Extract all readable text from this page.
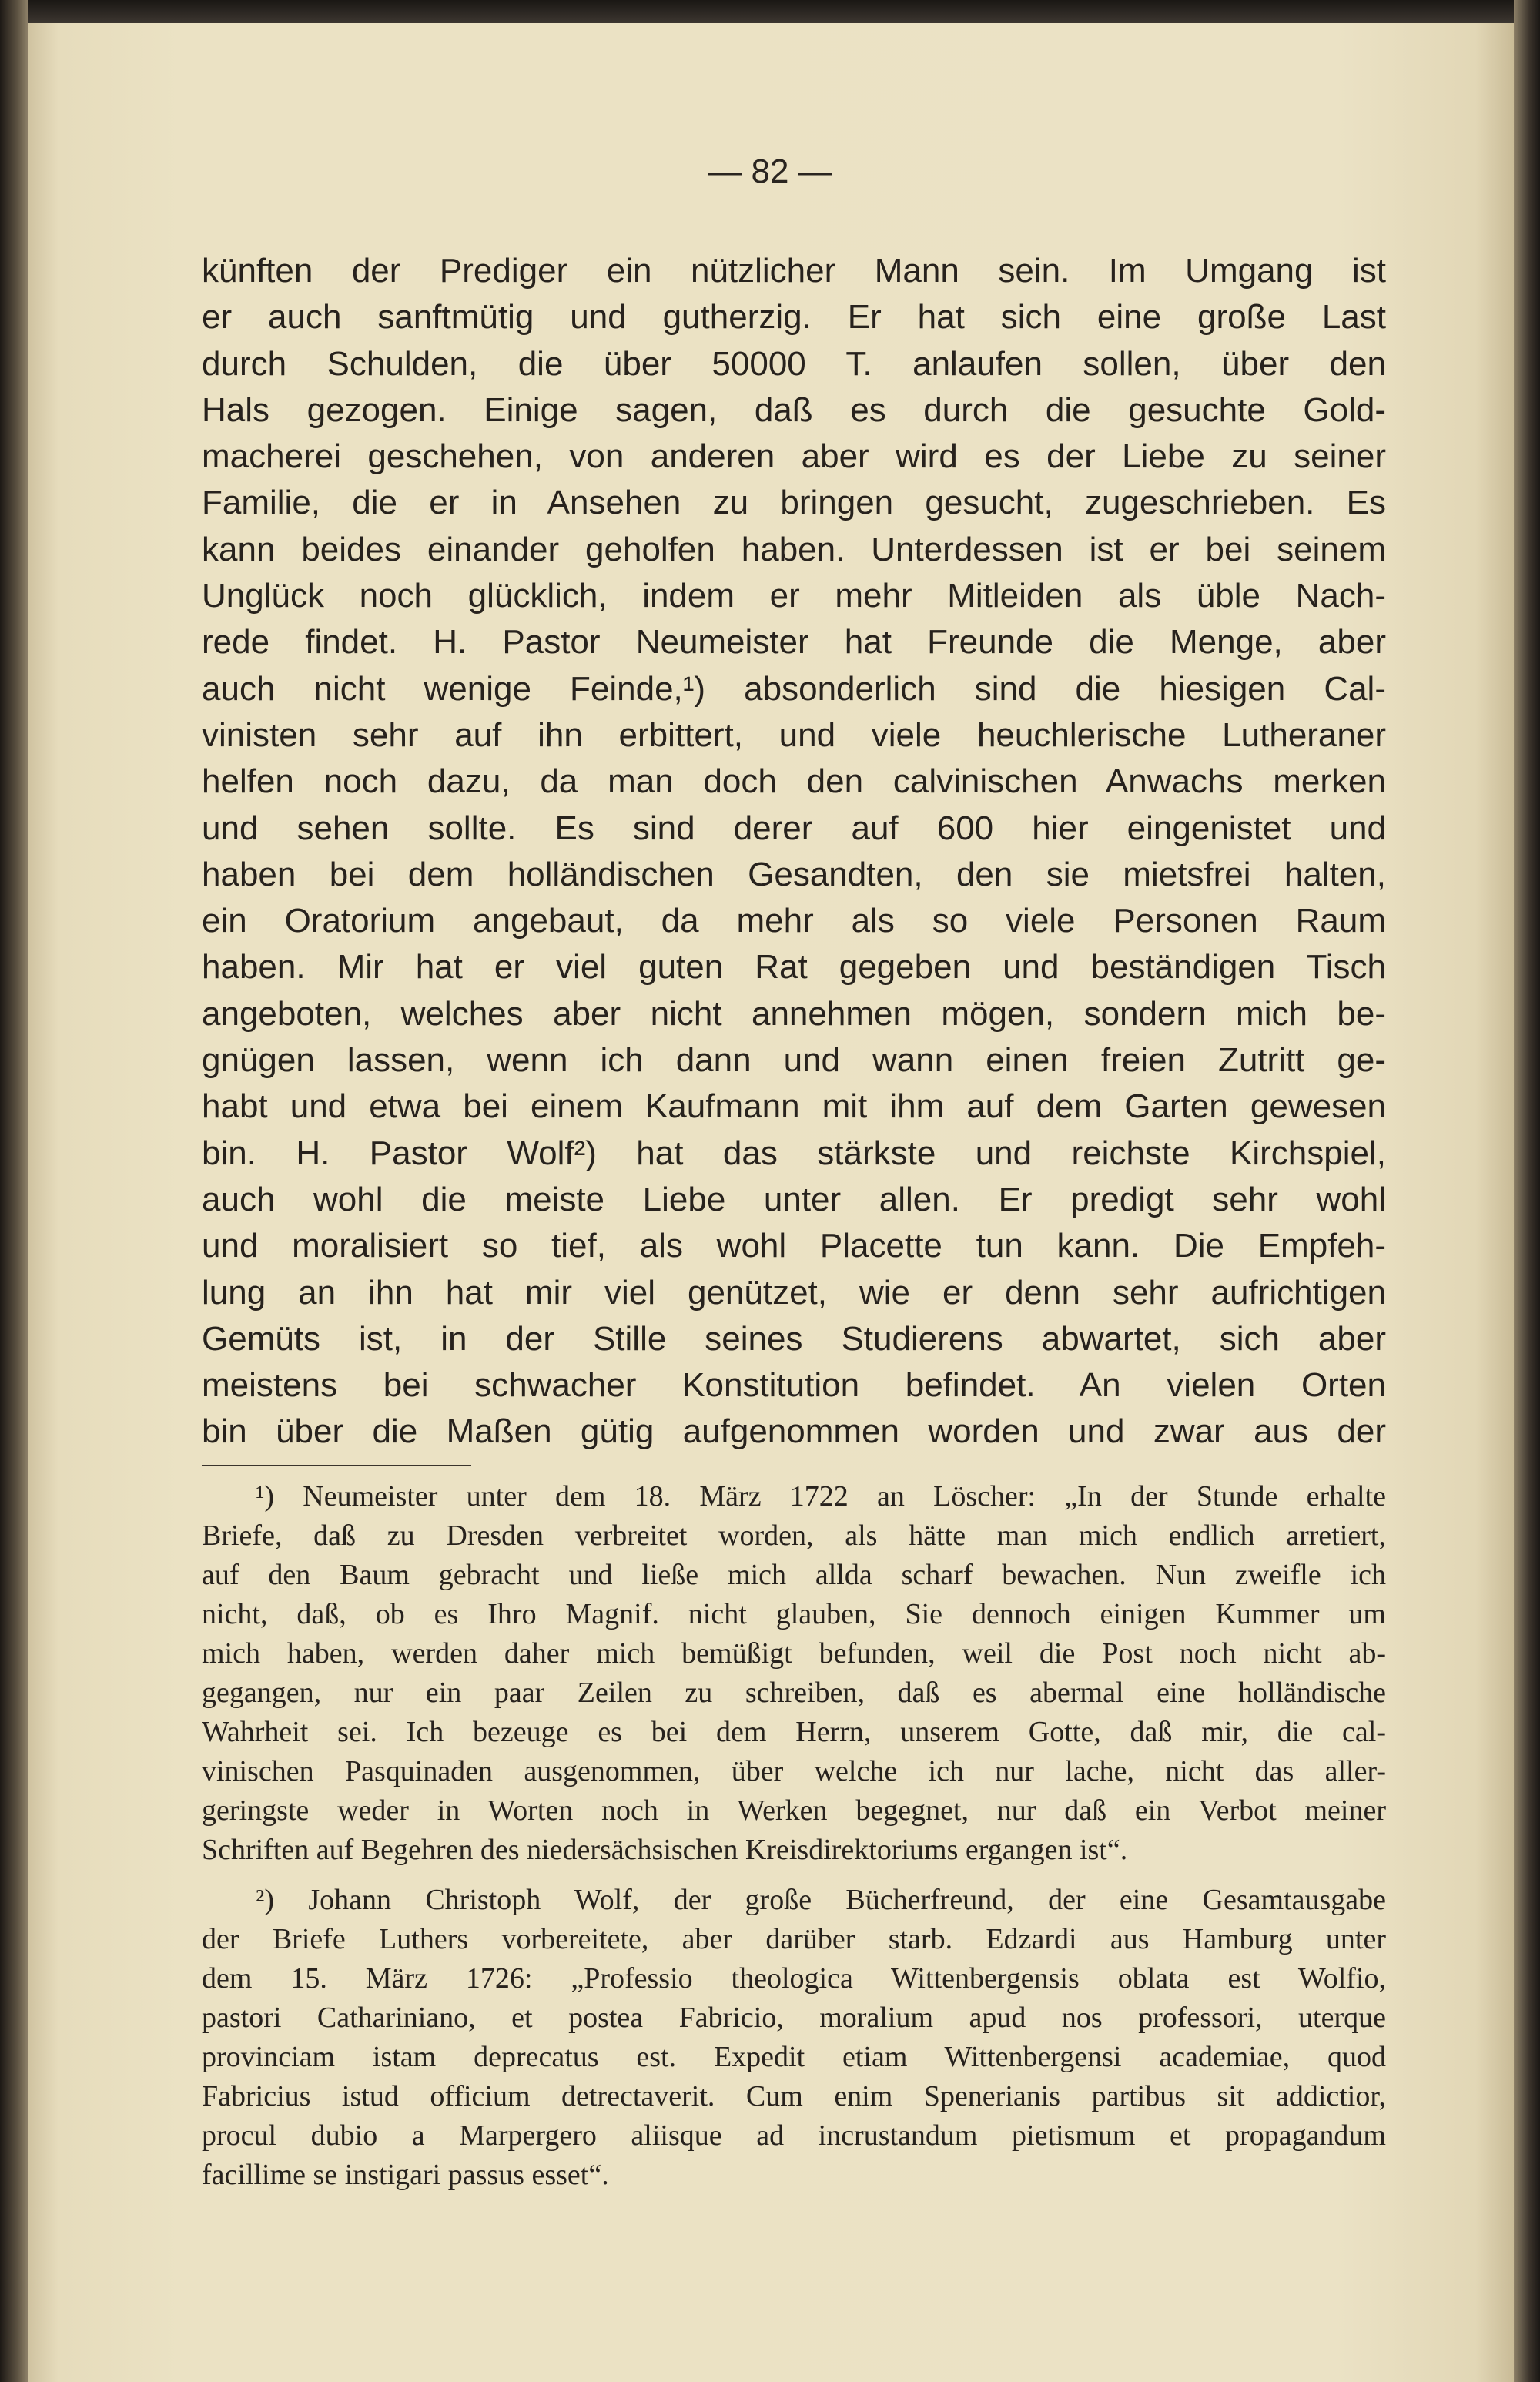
— 82 —
künften der Prediger ein nützlicher Mann sein. Im Umgang ist
er auch sanftmütig und gutherzig. Er hat sich eine große Last
durch Schulden, die über 50000 T. anlaufen sollen, über den
Hals gezogen. Einige sagen, daß es durch die gesuchte Gold-
macherei geschehen, von anderen aber wird es der Liebe zu seiner
Familie, die er in Ansehen zu bringen gesucht, zugeschrieben. Es
kann beides einander geholfen haben. Unterdessen ist er bei seinem
Unglück noch glücklich, indem er mehr Mitleiden als üble Nach-
rede findet. H. Pastor Neumeister hat Freunde die Menge, aber
auch nicht wenige Feinde,¹) absonderlich sind die hiesigen Cal-
vinisten sehr auf ihn erbittert, und viele heuchlerische Lutheraner
helfen noch dazu, da man doch den calvinischen Anwachs merken
und sehen sollte. Es sind derer auf 600 hier eingenistet und
haben bei dem holländischen Gesandten, den sie mietsfrei halten,
ein Oratorium angebaut, da mehr als so viele Personen Raum
haben. Mir hat er viel guten Rat gegeben und beständigen Tisch
angeboten, welches aber nicht annehmen mögen, sondern mich be-
gnügen lassen, wenn ich dann und wann einen freien Zutritt ge-
habt und etwa bei einem Kaufmann mit ihm auf dem Garten gewesen
bin. H. Pastor Wolf²) hat das stärkste und reichste Kirchspiel,
auch wohl die meiste Liebe unter allen. Er predigt sehr wohl
und moralisiert so tief, als wohl Placette tun kann. Die Empfeh-
lung an ihn hat mir viel genützet, wie er denn sehr aufrichtigen
Gemüts ist, in der Stille seines Studierens abwartet, sich aber
meistens bei schwacher Konstitution befindet. An vielen Orten
bin über die Maßen gütig aufgenommen worden und zwar aus der
¹) Neumeister unter dem 18. März 1722 an Löscher: „In der Stunde erhalte
Briefe, daß zu Dresden verbreitet worden, als hätte man mich endlich arretiert,
auf den Baum gebracht und ließe mich allda scharf bewachen. Nun zweifle ich
nicht, daß, ob es Ihro Magnif. nicht glauben, Sie dennoch einigen Kummer um
mich haben, werden daher mich bemüßigt befunden, weil die Post noch nicht ab-
gegangen, nur ein paar Zeilen zu schreiben, daß es abermal eine holländische
Wahrheit sei. Ich bezeuge es bei dem Herrn, unserem Gotte, daß mir, die cal-
vinischen Pasquinaden ausgenommen, über welche ich nur lache, nicht das aller-
geringste weder in Worten noch in Werken begegnet, nur daß ein Verbot meiner
Schriften auf Begehren des niedersächsischen Kreisdirektoriums ergangen ist“.
²) Johann Christoph Wolf, der große Bücherfreund, der eine Gesamtausgabe
der Briefe Luthers vorbereitete, aber darüber starb. Edzardi aus Hamburg unter
dem 15. März 1726: „Professio theologica Wittenbergensis oblata est Wolfio,
pastori Cathariniano, et postea Fabricio, moralium apud nos professori, uterque
provinciam istam deprecatus est. Expedit etiam Wittenbergensi academiae, quod
Fabricius istud officium detrectaverit. Cum enim Spenerianis partibus sit addictior,
procul dubio a Marpergero aliisque ad incrustandum pietismum et propagandum
facillime se instigari passus esset“.
